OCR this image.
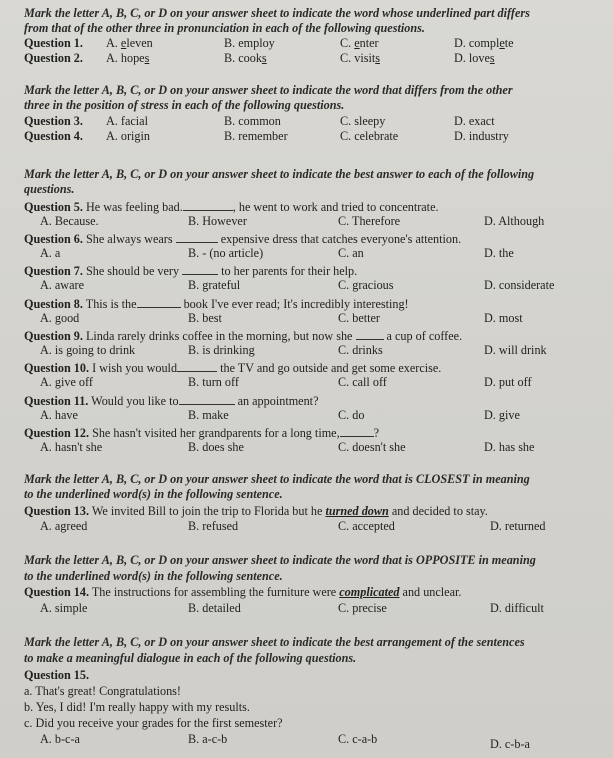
Mark the letter A, B, C, or D on your answer sheet to indicate the word whose underlined part differs
from that of the other three in pronunciation in each of the following questions.
Question 1. A. eleven	B. employ	C. enter	D. complete
Question 2. A. hopes	B. cooks	C. visits	D. loves
Mark the letter A, B, C, or D on your answer sheet to indicate the word that differs from the other
three in the position of stress in each of the following questions.
Question 3. A. facial	B. common	C. sleepy	D. exact
Question 4. A. origin	B. remember	C. celebrate	D. industry
Mark the letter A, B, C, or D on your answer sheet to indicate the best answer to each of the following
questions.
Question 5. He was feeling bad.	, he went to work and tried to concentrate.
A. Because.	B. However	C. Therefore	D. Although
Question 6. She always wears	expensive dress that catches everyone's attention.
A. a	B. - (no article)	C. an	D. the
Question 7. She should be very	to her parents for their help.
A. aware	B. grateful	C. gracious	D. considerate
Question 8. This is the	book I've ever read; It's incredibly interesting!
A. good	B. best	C. better	D. most
Question 9. Linda rarely drinks coffee in the morning, but now she	a cup of coffee.
A. is going to drink	B. is drinking	C. drinks	D. will drink
Question 10. I wish you would	the TV and go outside and get some exercise.
A. give off	B. turn off	C. call off	D. put off
Question 11. Would you like to	an appointment?
A. have	B. make	C. do	D. give
Question 12. She hasn't visited her grandparents for a long time,	?
A. hasn't she	B. does she	C. doesn't she	D. has she
Mark the letter A, B, C, or D on your answer sheet to indicate the word that is CLOSEST in meaning
to the underlined word(s) in the following sentence.
Question 13. We invited Bill to join the trip to Florida but he turned down and decided to stay.
A. agreed	B. refused	C. accepted	D. returned
Mark the letter A, B, C, or D on your answer sheet to indicate the word that is OPPOSITE in meaning
to the underlined word(s) in the following sentence.
Question 14. The instructions for assembling the furniture were complicated and unclear.
A. simple	B. detailed	C. precise	D. difficult
Mark the letter A, B, C, or D on your answer sheet to indicate the best arrangement of the sentences
to make a meaningful dialogue in each of the following questions.
Question 15.
a. That's great! Congratulations!
b. Yes, I did! I'm really happy with my results.
c. Did you receive your grades for the first semester?
A. b-c-a	B. a-c-b	C. c-a-b	D. c-b-a
